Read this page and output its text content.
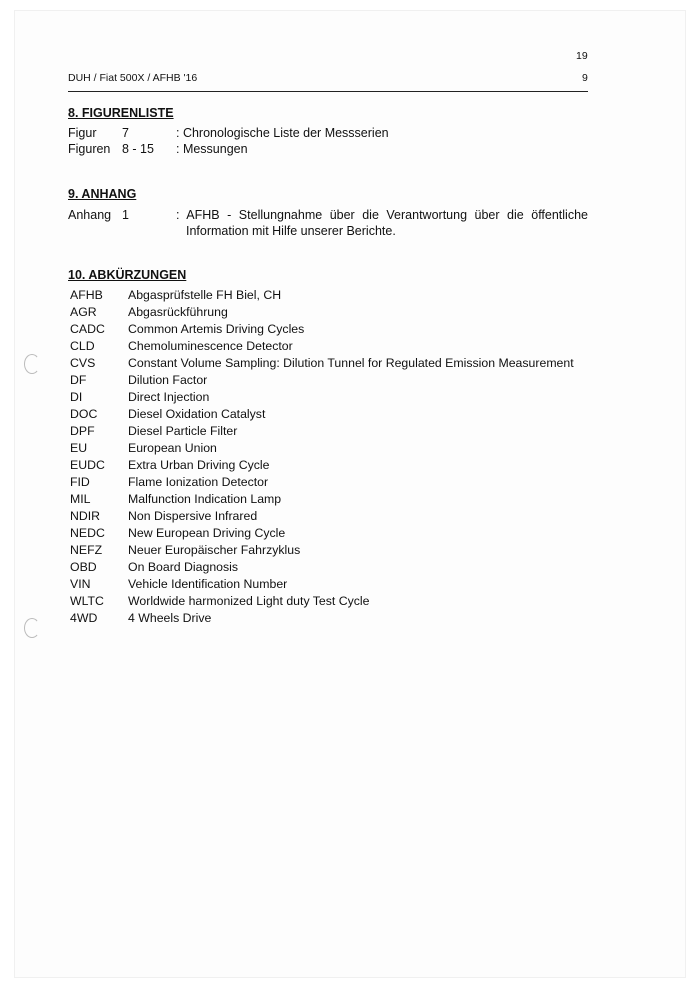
19
DUH / Fiat 500X / AFHB '16	9
8. FIGURENLISTE
Figur 7	: Chronologische Liste der Messserien
Figuren 8 - 15 : Messungen
9. ANHANG
Anhang 1	: AFHB - Stellungnahme über die Verantwortung über die öffentliche
Information mit Hilfe unserer Berichte.
10. ABKÜRZUNGEN
AFHB Abgasprüfstelle FH Biel, CH
AGR	Abgasrückführung
CADC Common Artemis Driving Cycles
CLD	Chemoluminescence Detector
CVS	Constant Volume Sampling: Dilution Tunnel for Regulated Emission Measurement
DF	Dilution Factor
DI	Direct Injection
DOC Diesel Oxidation Catalyst
DPF	Diesel Particle Filter
EU	European Union
EUDC Extra Urban Driving Cycle
FID	Flame Ionization Detector
MIL	Malfunction Indication Lamp
NDIR Non Dispersive Infrared
NEDC New European Driving Cycle
NEFZ Neuer Europäischer Fahrzyklus
OBD	On Board Diagnosis
VIN	Vehicle Identification Number
WLTC Worldwide harmonized Light duty Test Cycle
4WD 4 Wheels Drive
